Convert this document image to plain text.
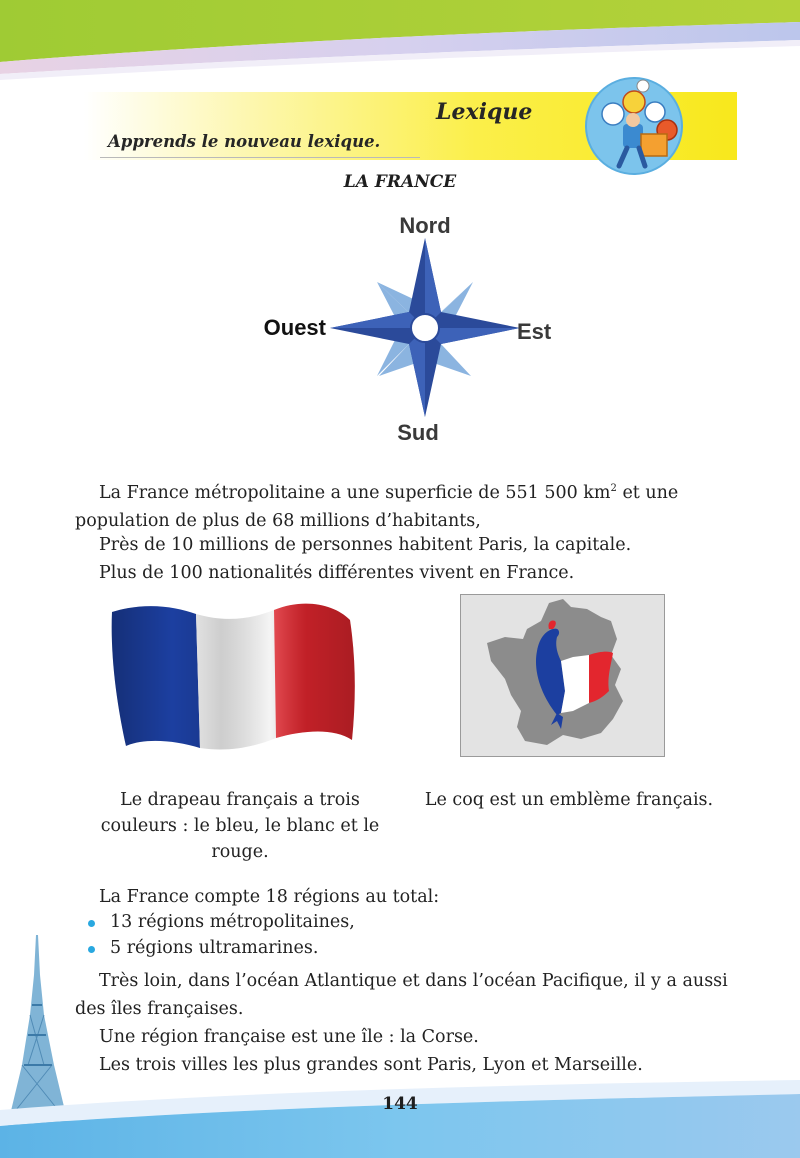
Lexique
Apprends le nouveau lexique.
LA FRANCE
Nord
Sud
Est
Ouest
La France métropolitaine a une superficie de 551 500 $km^2$ et une population de plus de 68 millions d’habitants,
Près de 10 millions de personnes habitent Paris, la capitale.
Plus de 100 nationalités différentes vivent en France.
Le drapeau français a trois couleurs : le bleu, le blanc et le rouge.
Le coq est un emblème français.
La France compte 18 régions au total:
13 régions métropolitaines,
5 régions ultramarines.
Très loin, dans l’océan Atlantique et dans l’océan Pacifique, il y a aussi des îles françaises.
Une région française est une île : la Corse.
Les trois villes les plus grandes sont Paris, Lyon et Marseille.
144
